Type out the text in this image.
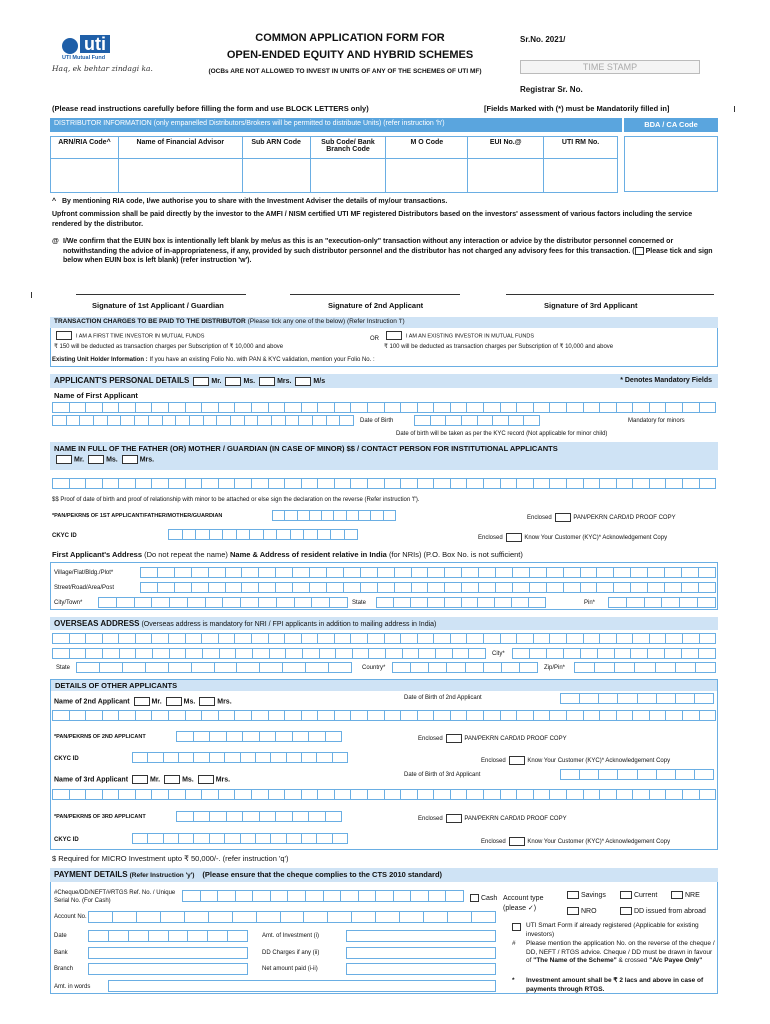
uti
UTI Mutual Fund
Haq, ek behtar zindagi ka.
COMMON APPLICATION FORM FOR
OPEN-ENDED EQUITY AND HYBRID SCHEMES
(OCBs ARE NOT ALLOWED TO INVEST IN UNITS OF ANY OF THE SCHEMES OF UTI MF)
Sr.No. 2021/
TIME STAMP
Registrar Sr. No.
(Please read instructions carefully before filling the form and use BLOCK LETTERS only)	[Fields Marked with (*) must be Mandatorily filled in]
DISTRIBUTOR INFORMATION (only empanelled Distributors/Brokers will be permitted to distribute Units) (refer instruction 'h')	BDA / CA Code
ARN/RIA Code^	Name of Financial Advisor	Sub ARN Code	Sub Code/ Bank Branch Code	M O Code	EUI No.@	UTI RM No.

^   By mentioning RIA code, I/we authorise you to share with the Investment Adviser the details of my/our transactions.
Upfront commission shall be paid directly by the investor to the AMFI / NISM certified UTI MF registered Distributors based on the investors' assessment of various factors including the service rendered by the distributor.
@ I/We confirm that the EUIN box is intentionally left blank by me/us as this is an "execution-only" transaction without any interaction or advice by the distributor personnel concerned or notwithstanding the advice of in-appropriateness, if any, provided by such distributor personnel and the distributor has not charged any advisory fees for this transaction. ( Please tick and sign below when EUIN box is left blank) (refer instruction 'w').
Signature of 1st Applicant / Guardian	Signature of 2nd Applicant	Signature of 3rd Applicant
TRANSACTION CHARGES TO BE PAID TO THE DISTRIBUTOR (Please tick any one of the below) (Refer Instruction 'l')
I AM A FIRST TIME INVESTOR IN MUTUAL FUNDS
₹ 150 will be deducted as transaction charges per Subscription of ₹ 10,000 and above
OR	I AM AN EXISTING INVESTOR IN MUTUAL FUNDS
₹ 100 will be deducted as transaction charges per Subscription of ₹ 10,000 and above
Existing Unit Holder Information : If you have an existing Folio No. with PAN & KYC validation, mention your Folio No. :
APPLICANT'S PERSONAL DETAILS	Mr.	Ms.	Mrs.	M/s	* Denotes Mandatory Fields
Name of First Applicant
Date of Birth	Mandatory for minors
Date of birth will be taken as per the KYC record (Not applicable for minor child)
NAME IN FULL OF THE FATHER (OR) MOTHER / GUARDIAN (IN CASE OF MINOR) $$ / CONTACT PERSON FOR INSTITUTIONAL APPLICANTS
Mr.	Ms.	Mrs.
$$ Proof of date of birth and proof of relationship with minor to be attached or else sign the declaration on the reverse (Refer instruction 'f').
*PAN/PEKRN$ OF 1ST APPLICANT/FATHER/MOTHER/GUARDIAN	Enclosed	PAN/PEKRN CARD/ID PROOF COPY
CKYC ID	Enclosed	Know Your Customer (KYC)* Acknowledgement Copy
First Applicant's Address (Do not repeat the name) Name & Address of resident relative in India (for NRIs) (P.O. Box No. is not sufficient)
Village/Flat/Bldg./Plot*
Street/Road/Area/Post
City/Town*	State	Pin*
OVERSEAS ADDRESS (Overseas address is mandatory for NRI / FPI applicants in addition to mailing address in India)
City*
State	Country*	Zip/Pin*
DETAILS OF OTHER APPLICANTS
Name of 2nd Applicant	Mr.	Ms.	Mrs.
Date of Birth of 2nd Applicant
*PAN/PEKRN$ OF 2ND APPLICANT	Enclosed	PAN/PEKRN CARD/ID PROOF COPY
CKYC ID	Enclosed	Know Your Customer (KYC)* Acknowledgement Copy
Name of 3rd Applicant	Mr.	Ms.	Mrs.
Date of Birth of 3rd Applicant
*PAN/PEKRN$ OF 3RD APPLICANT	Enclosed	PAN/PEKRN CARD/ID PROOF COPY
CKYC ID	Enclosed	Know Your Customer (KYC)* Acknowledgement Copy
$ Required for MICRO Investment upto ₹ 50,000/-. (refer instruction 'q')
PAYMENT DETAILS (Refer Instruction 'y') (Please ensure that the cheque complies to the CTS 2010 standard)
#Cheque/DD/NEFT/#RTGS Ref. No. / Unique Serial No. (For Cash)	Cash Account type
(please ✓)
Savings	Current	NRE
NRO	DD issued from abroad
Account No.
Date	Amt. of Investment (i)
Bank	DD Charges if any (ii)
Branch	Net amount paid (i-ii)
Amt. in words
UTI Smart Form if already registered (Applicable for existing investors)
# Please mention the application No. on the reverse of the cheque / DD, NEFT / RTGS advice. Cheque / DD must be drawn in favour of "The Name of the Scheme" & crossed "A/c Payee Only"
* Investment amount shall be ₹ 2 lacs and above in case of payments through RTGS.
